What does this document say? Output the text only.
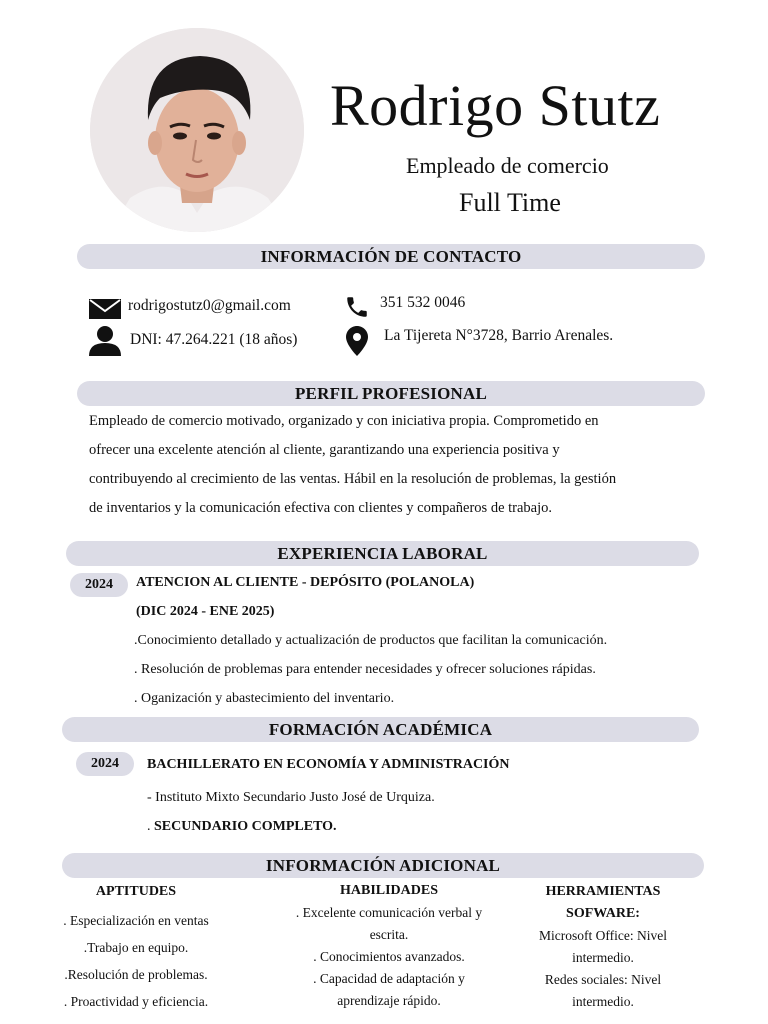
Rodrigo Stutz
Empleado de comercio
Full Time
INFORMACIÓN DE CONTACTO
rodrigostutz0@gmail.com
DNI: 47.264.221 (18 años)
351 532 0046
La Tijereta N°3728, Barrio Arenales.
PERFIL PROFESIONAL
Empleado de comercio motivado, organizado y con iniciativa propia. Comprometido en
ofrecer una excelente atención al cliente, garantizando una experiencia positiva y
contribuyendo al crecimiento de las ventas. Hábil en la resolución de problemas, la gestión
de inventarios y la comunicación efectiva con clientes y compañeros de trabajo.
EXPERIENCIA LABORAL
2024	ATENCION AL CLIENTE - DEPÓSITO (POLANOLA)
(DIC 2024 - ENE 2025)
.Conocimiento detallado y actualización de productos que facilitan la comunicación.
. Resolución de problemas para entender necesidades y ofrecer soluciones rápidas.
. Oganización y abastecimiento del inventario.
FORMACIÓN ACADÉMICA
2024	BACHILLERATO EN ECONOMÍA Y ADMINISTRACIÓN
- Instituto Mixto Secundario Justo José de Urquiza.
. SECUNDARIO COMPLETO.
INFORMACIÓN ADICIONAL
APTITUDES
. Especialización en ventas
.Trabajo en equipo.
.Resolución de problemas.
. Proactividad y eficiencia.
HABILIDADES
. Excelente comunicación verbal y
escrita.
. Conocimientos avanzados.
. Capacidad de adaptación y
aprendizaje rápido.
HERRAMIENTAS
SOFWARE:
Microsoft Office: Nivel
intermedio.
Redes sociales: Nivel
intermedio.
